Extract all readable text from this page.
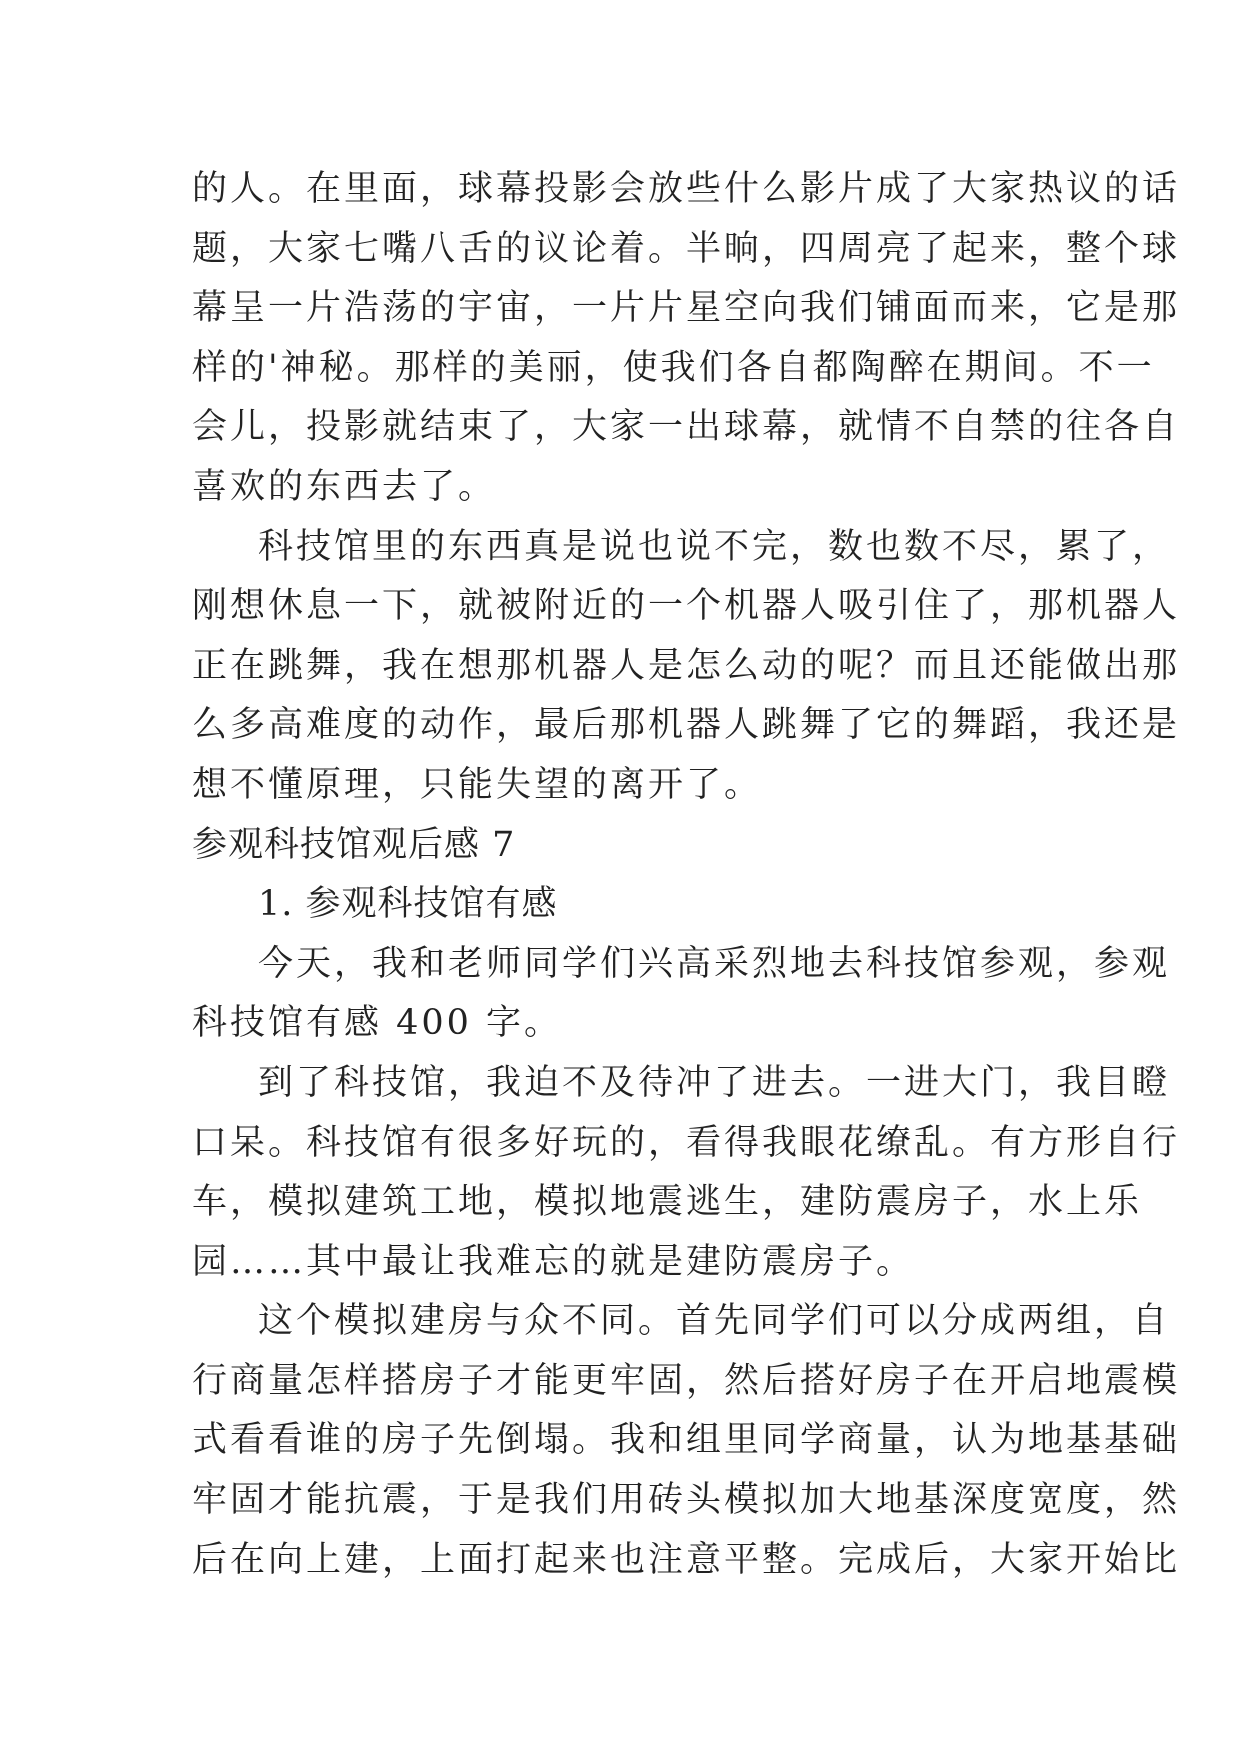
的人。在里面，球幕投影会放些什么影片成了大家热议的话
题，大家七嘴八舌的议论着。半晌，四周亮了起来，整个球
幕呈一片浩荡的宇宙，一片片星空向我们铺面而来，它是那
样的'神秘。那样的美丽，使我们各自都陶醉在期间。不一
会儿，投影就结束了，大家一出球幕，就情不自禁的往各自
喜欢的东西去了。
科技馆里的东西真是说也说不完，数也数不尽，累了，
刚想休息一下，就被附近的一个机器人吸引住了，那机器人
正在跳舞，我在想那机器人是怎么动的呢？而且还能做出那
么多高难度的动作，最后那机器人跳舞了它的舞蹈，我还是
想不懂原理，只能失望的离开了。
参观科技馆观后感 7
1. 参观科技馆有感
今天，我和老师同学们兴高采烈地去科技馆参观，参观
科技馆有感 400 字。
到了科技馆，我迫不及待冲了进去。一进大门，我目瞪
口呆。科技馆有很多好玩的，看得我眼花缭乱。有方形自行
车，模拟建筑工地，模拟地震逃生，建防震房子，水上乐
园……其中最让我难忘的就是建防震房子。
这个模拟建房与众不同。首先同学们可以分成两组，自
行商量怎样搭房子才能更牢固，然后搭好房子在开启地震模
式看看谁的房子先倒塌。我和组里同学商量，认为地基基础
牢固才能抗震，于是我们用砖头模拟加大地基深度宽度，然
后在向上建，上面打起来也注意平整。完成后，大家开始比
